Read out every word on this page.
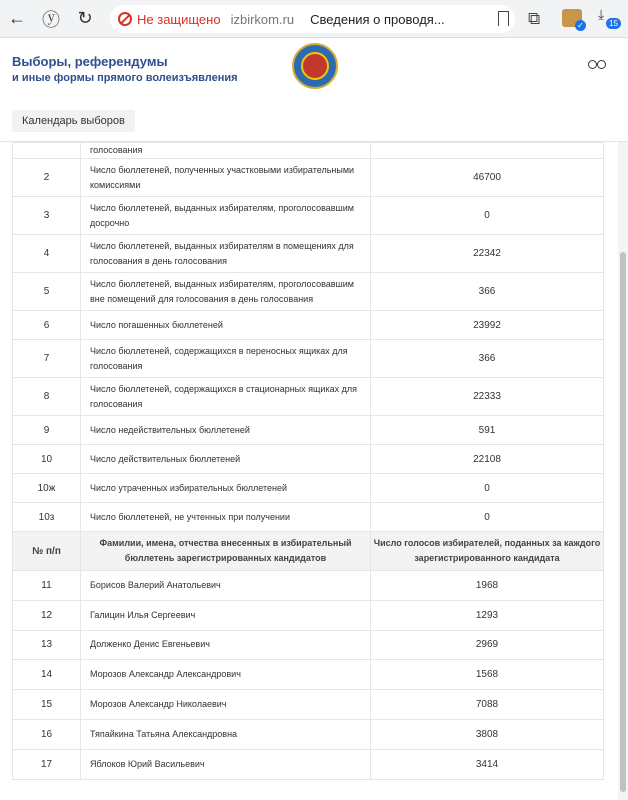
← ⓨ ↻	Не защищено izbirkom.ru Сведения о проводя...	⧉	✓
⤓
15
Выборы, референдумы
и иные формы прямого волеизъявления
Календарь выборов
	голосования	
2	Число бюллетеней, полученных участковыми избирательными комиссиями	46700
3	Число бюллетеней, выданных избирателям, проголосовавшим досрочно	0
4	Число бюллетеней, выданных избирателям в помещениях для голосования в день голосования	22342
5	Число бюллетеней, выданных избирателям, проголосовавшим вне помещений для голосования в день голосования	366
6	Число погашенных бюллетеней	23992
7	Число бюллетеней, содержащихся в переносных ящиках для голосования	366
8	Число бюллетеней, содержащихся в стационарных ящиках для голосования	22333
9	Число недействительных бюллетеней	591
10	Число действительных бюллетеней	22108
10ж	Число утраченных избирательных бюллетеней	0
10з	Число бюллетеней, не учтенных при получении	0
№ п/п	Фамилии, имена, отчества внесенных в избирательный бюллетень зарегистрированных кандидатов	Число голосов избирателей, поданных за каждого зарегистрированного кандидата
11	Борисов Валерий Анатольевич	1968
12	Галицин Илья Сергеевич	1293
13	Долженко Денис Евгеньевич	2969
14	Морозов Александр Александрович	1568
15	Морозов Александр Николаевич	7088
16	Тяпайкина Татьяна Александровна	3808
17	Яблоков Юрий Васильевич	3414
